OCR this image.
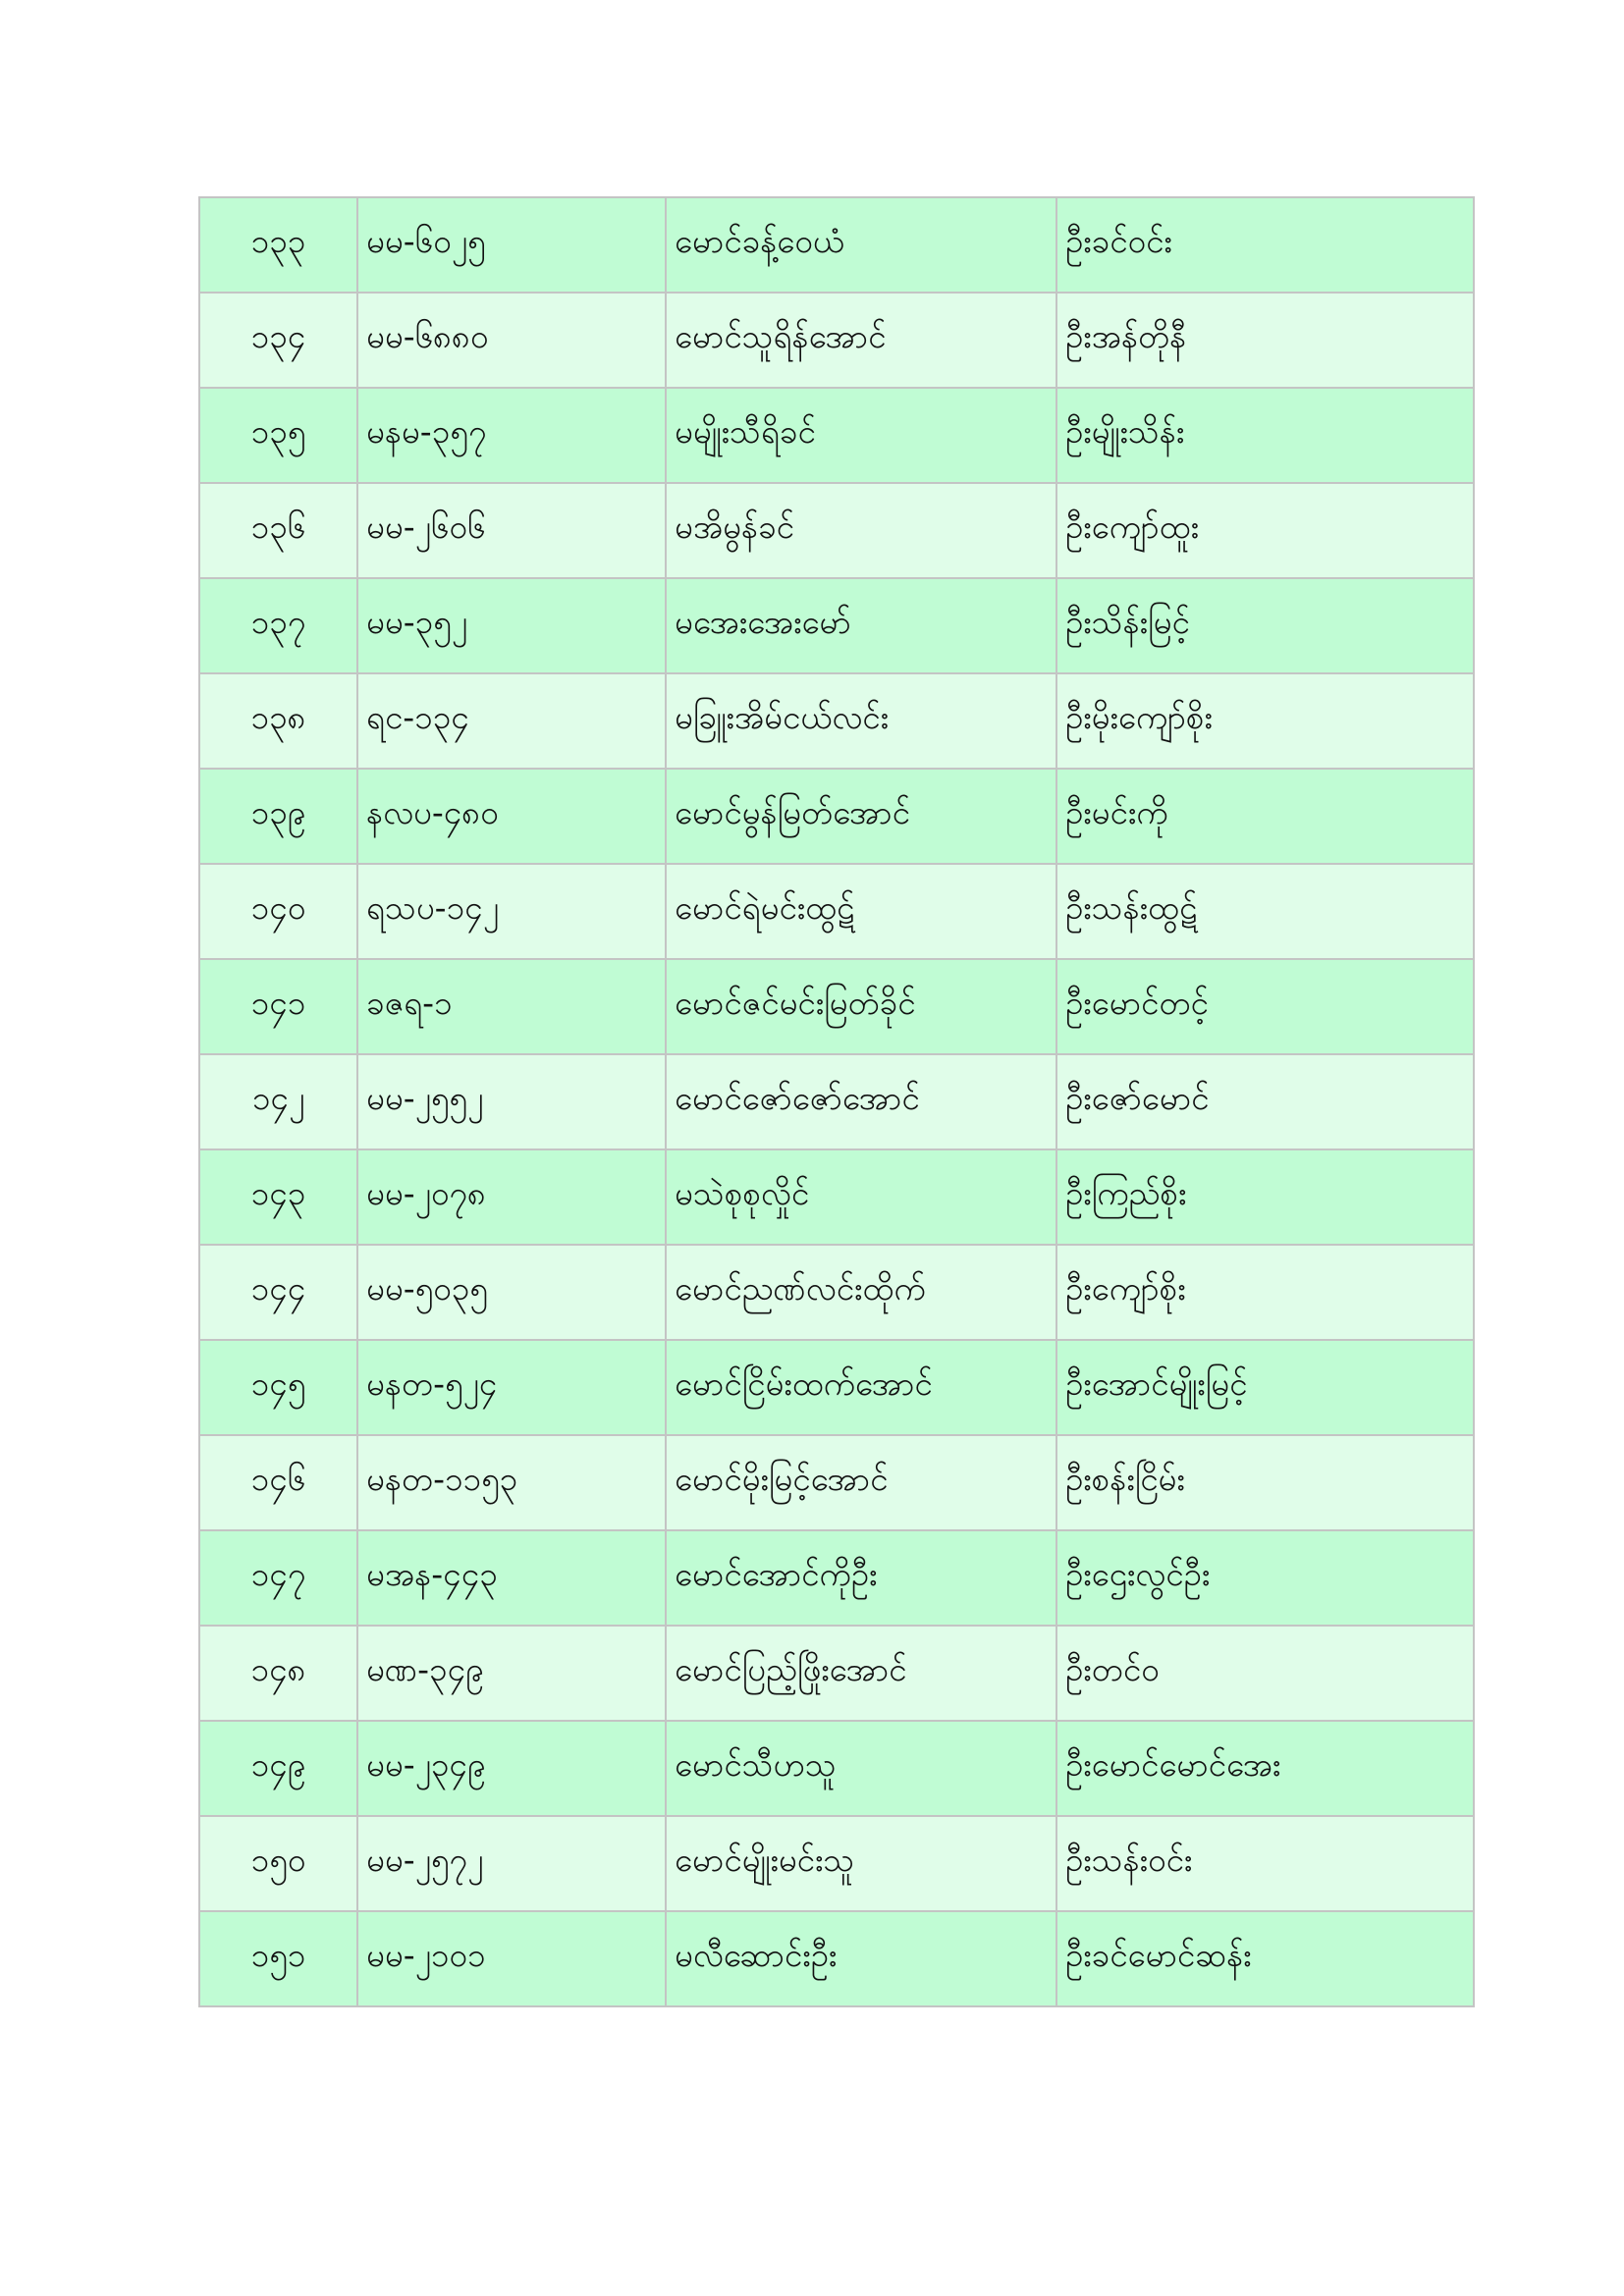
၁၃၃	မမ-၆၀၂၅	မောင်ခန့်ဝေယံ	ဦးခင်ဝင်း
၁၃၄	မမ-၆၈၈၀	မောင်သူရိန်အောင်	ဦးအန်တိုနီ
၁၃၅	မနမ-၃၅၇	မမျိုးသီရိခင်	ဦးမျိုးသိန်း
၁၃၆	မမ-၂၆၀၆	မအိမွန်ခင်	ဦးကျော်ထူး
၁၃၇	မမ-၃၅၂	မအေးအေးမော်	ဦးသိန်းမြင့်
၁၃၈	ရင-၁၃၄	မခြူးအိမ်ငယ်လင်း	ဦးမိုးကျော်စိုး
၁၃၉	နလပ-၄၈၀	မောင်မွန်မြတ်အောင်	ဦးမင်းကို
၁၄၀	ရသပ-၁၄၂	မောင်ရဲမင်းထွဋ်	ဦးသန်းထွဋ်
၁၄၁	ခဇရ-၁	မောင်ဇင်မင်းမြတ်ခိုင်	ဦးမောင်တင့်
၁၄၂	မမ-၂၅၅၂	မောင်ဇော်ဇော်အောင်	ဦးဇော်မောင်
၁၄၃	မမ-၂၀၇၈	မသဲစုစုလှိုင်	ဦးကြည်စိုး
၁၄၄	မမ-၅၀၃၅	မောင်ညဏ်လင်းထိုက်	ဦးကျော်စိုး
၁၄၅	မနတ-၅၂၄	မောင်ငြိမ်းထက်အောင်	ဦးအောင်မျိုးမြင့်
၁၄၆	မနတ-၁၁၅၃	မောင်မိုးမြင့်အောင်	ဦးစန်းငြိမ်း
၁၄၇	မအန-၄၄၃	မောင်အောင်ကိုဦး	ဦးဌေးလွင်ဦး
၁၄၈	မဏ-၃၄၉	မောင်ပြည့်ဖြိုးအောင်	ဦးတင်ဝ
၁၄၉	မမ-၂၃၄၉	မောင်သီဟသူ	ဦးမောင်မောင်အေး
၁၅၀	မမ-၂၅၇၂	မောင်မျိုးမင်းသူ	ဦးသန်းဝင်း
၁၅၁	မမ-၂၁၀၁	မလီဆောင်းဦး	ဦးခင်မောင်ဆန်း
